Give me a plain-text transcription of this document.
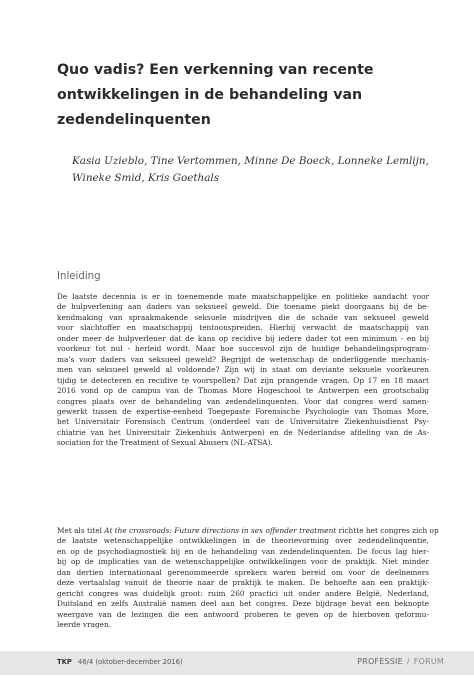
Quo vadis? Een verkenning van recente
ontwikkelingen in de behandeling van
zedendelinquenten
Kasia Uzieblo, Tine Vertommen, Minne De Boeck, Lonneke Lemlijn,
Wineke Smid, Kris Goethals
Inleiding
De laatste decennia is er in toenemende mate maatschappelijke en politieke aandacht voor
de hulpverlening aan daders van seksueel geweld. Die toename piekt doorgaans bij de be-
kendmaking van spraakmakende seksuele misdrijven die de schade van seksueel geweld
voor slachtoffer en maatschappij tentoonspreiden. Hierbij verwacht de maatschappij van
onder meer de hulpverlener dat de kans op recidive bij iedere dader tot een minimum - en bij
voorkeur tot nul - herleid wordt. Maar hoe succesvol zijn de huidige behandelingsprogram-
ma’s voor daders van seksueel geweld? Begrijpt de wetenschap de onderliggende mechanis-
men van seksueel geweld al voldoende? Zijn wij in staat om deviante seksuele voorkeuren
tijdig te detecteren en recidive te voorspellen? Dat zijn prangende vragen. Op 17 en 18 maart
2016 vond op de campus van de Thomas More Hogeschool te Antwerpen een grootschalig
congres plaats over de behandeling van zedendelinquenten. Voor dat congres werd samen-
gewerkt tussen de expertise-eenheid Toegepaste Forensische Psychologie van Thomas More,
het Universitair Forensisch Centrum (onderdeel van de Universitaire Ziekenhuisdienst Psy-
chiatrie van het Universitair Ziekenhuis Antwerpen) en de Nederlandse afdeling van de As-
sociation for the Treatment of Sexual Abusers (NL-ATSA).
Met als titel At the crossroads: Future directions in sex offender treatment richtte het congres zich op
de laatste wetenschappelijke ontwikkelingen in de theorievorming over zedendelinquentie,
en op de psychodiagnostiek bij en de behandeling van zedendelinquenten. De focus lag hier-
bij op de implicaties van de wetenschappelijke ontwikkelingen voor de praktijk. Niet minder
dan dertien internationaal gerenommeerde sprekers waren bereid om voor de deelnemers
deze vertaalslag vanuit de theorie naar de praktijk te maken. De behoefte aan een praktijk-
gericht congres was duidelijk groot: ruim 260 practici uit onder andere België, Nederland,
Duitsland en zelfs Australië namen deel aan het congres. Deze bijdrage bevat een beknopte
weergave van de lezingen die een antwoord proberen te geven op de hierboven geformu-
leerde vragen.
TKP 46/4 (oktober-december 2016)	PROFESSIE / FORUM
